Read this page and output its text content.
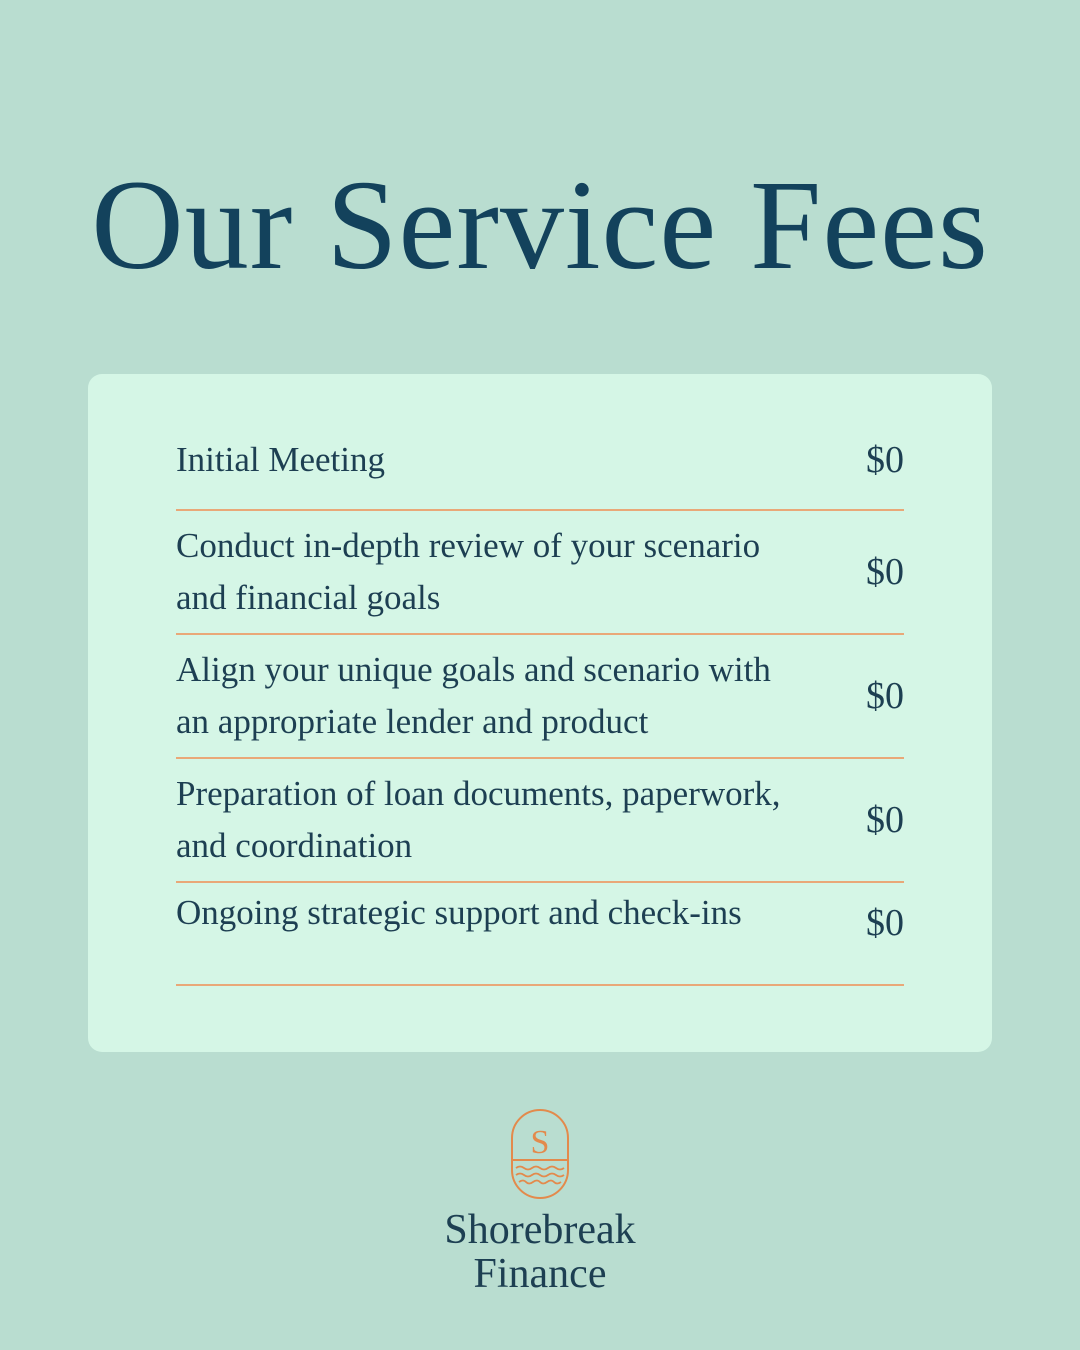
Our Service Fees
Initial Meeting	$0
Conduct in-depth review of your scenario and financial goals
$0
Align your unique goals and scenario with an appropriate lender and product
$0
Preparation of loan documents, paperwork, and coordination
$0
Ongoing strategic support and check-ins	$0
S
Shorebreak
Finance
